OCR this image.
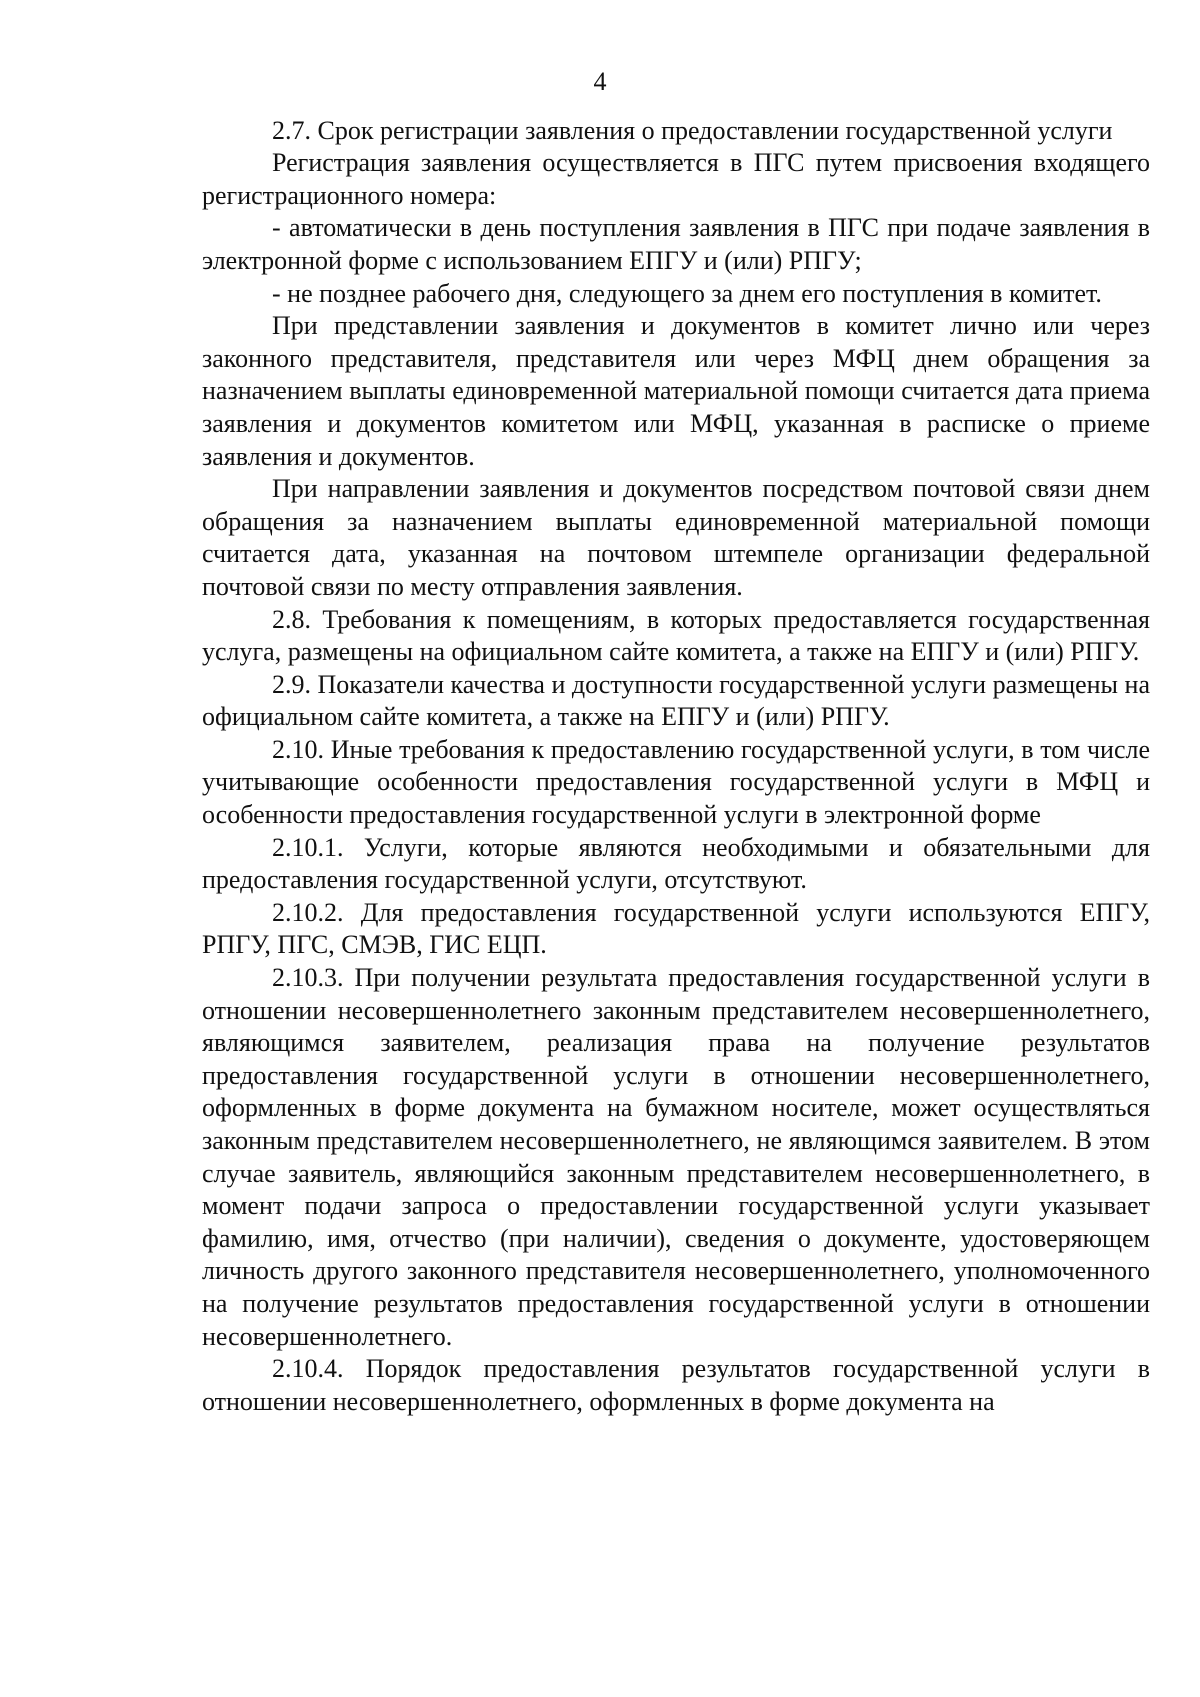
4

2.7. Срок регистрации заявления о предоставлении государственной услуги

Регистрация заявления осуществляется в ПГС путем присвоения входящего регистрационного номера:

- автоматически в день поступления заявления в ПГС при подаче заявления в электронной форме с использованием ЕПГУ и (или) РПГУ;

- не позднее рабочего дня, следующего за днем его поступления в комитет.

При представлении заявления и документов в комитет лично или через законного представителя, представителя или через МФЦ днем обращения за назначением выплаты единовременной материальной помощи считается дата приема заявления и документов комитетом или МФЦ, указанная в расписке о приеме заявления и документов.

При направлении заявления и документов посредством почтовой связи днем обращения за назначением выплаты единовременной материальной помощи считается дата, указанная на почтовом штемпеле организации федеральной почтовой связи по месту отправления заявления.

2.8. Требования к помещениям, в которых предоставляется государственная услуга, размещены на официальном сайте комитета, а также на ЕПГУ и (или) РПГУ.

2.9. Показатели качества и доступности государственной услуги размещены на официальном сайте комитета, а также на ЕПГУ и (или) РПГУ.

2.10. Иные требования к предоставлению государственной услуги, в том числе учитывающие особенности предоставления государственной услуги в МФЦ и особенности предоставления государственной услуги в электронной форме

2.10.1. Услуги, которые являются необходимыми и обязательными для предоставления государственной услуги, отсутствуют.

2.10.2. Для предоставления государственной услуги используются ЕПГУ, РПГУ, ПГС, СМЭВ, ГИС ЕЦП.

2.10.3. При получении результата предоставления государственной услуги в отношении несовершеннолетнего законным представителем несовершеннолетнего, являющимся заявителем, реализация права на получение результатов предоставления государственной услуги в отношении несовершеннолетнего, оформленных в форме документа на бумажном носителе, может осуществляться законным представителем несовершеннолетнего, не являющимся заявителем. В этом случае заявитель, являющийся законным представителем несовершеннолетнего, в момент подачи запроса о предоставлении государственной услуги указывает фамилию, имя, отчество (при наличии), сведения о документе, удостоверяющем личность другого законного представителя несовершеннолетнего, уполномоченного на получение результатов предоставления государственной услуги в отношении несовершеннолетнего.

2.10.4. Порядок предоставления результатов государственной услуги в отношении несовершеннолетнего, оформленных в форме документа на
